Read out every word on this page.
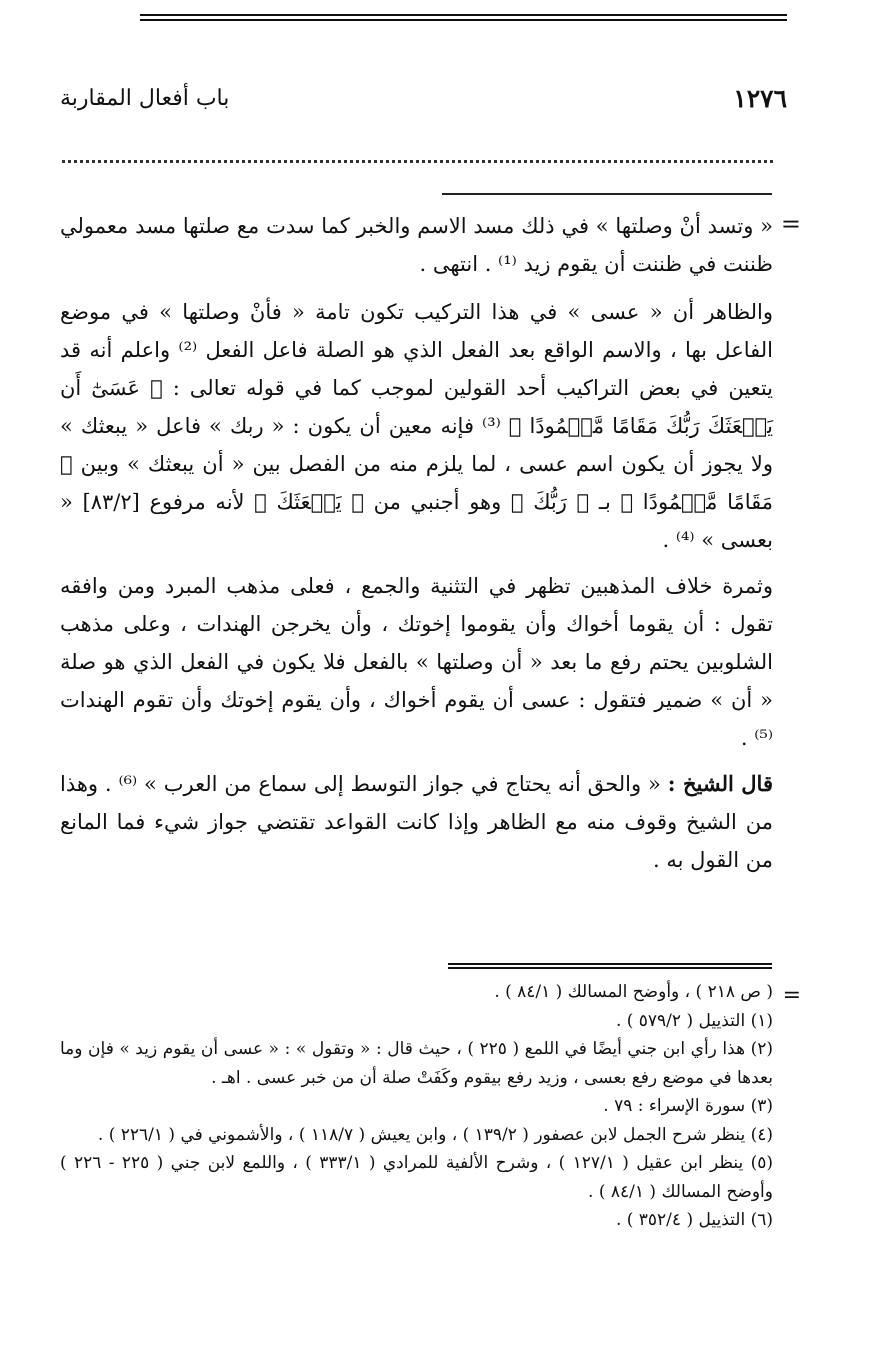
١٢٧٦
باب أفعال المقاربة
=

« وتسد أنْ وصلتها » في ذلك مسد الاسم والخبر كما سدت مع صلتها مسد معمولي ظننت في ظننت أن يقوم زيد ⁽¹⁾ . انتهى .

والظاهر أن « عسى » في هذا التركيب تكون تامة « فأنْ وصلتها » في موضع الفاعل بها ، والاسم الواقع بعد الفعل الذي هو الصلة فاعل الفعل ⁽²⁾ واعلم أنه قد يتعين في بعض التراكيب أحد القولين لموجب كما في قوله تعالى : ﴿ عَسَىٰٓ أَن يَبۡعَثَكَ رَبُّكَ مَقَامًا مَّحۡمُودًا ﴾ ⁽³⁾ فإنه معين أن يكون : « ربك » فاعل « يبعثك » ولا يجوز أن يكون اسم عسى ، لما يلزم منه من الفصل بين « أن يبعثك » وبين ﴿ مَقَامًا مَّحۡمُودًا ﴾ بـ ﴿ رَبُّكَ ﴾ وهو أجنبي من ﴿ يَبۡعَثَكَ ﴾ لأنه مرفوع [٨٣/٢] « بعسى » ⁽⁴⁾ .

وثمرة خلاف المذهبين تظهر في التثنية والجمع ، فعلى مذهب المبرد ومن وافقه تقول : أن يقوما أخواك وأن يقوموا إخوتك ، وأن يخرجن الهندات ، وعلى مذهب الشلوبين يحتم رفع ما بعد « أن وصلتها » بالفعل فلا يكون في الفعل الذي هو صلة « أن » ضمير فتقول : عسى أن يقوم أخواك ، وأن يقوم إخوتك وأن تقوم الهندات ⁽⁵⁾ .

قال الشيخ : « والحق أنه يحتاج في جواز التوسط إلى سماع من العرب » ⁽⁶⁾ . وهذا من الشيخ وقوف منه مع الظاهر وإذا كانت القواعد تقتضي جواز شيء فما المانع من القول به .

=

( ص ٢١٨ ) ، وأوضح المسالك ( ٨٤/١ ) .

(١) التذييل ( ٥٧٩/٢ ) .

(٢) هذا رأي ابن جني أيضًا في اللمع ( ٢٢٥ ) ، حيث قال : « وتقول » : « عسى أن يقوم زيد » فإن وما بعدها في موضع رفع بعسى ، وزيد رفع بيقوم وكَفَتْ صلة أن من خبر عسى . اهـ .

(٣) سورة الإسراء : ٧٩ .

(٤) ينظر شرح الجمل لابن عصفور ( ١٣٩/٢ ) ، وابن يعيش ( ١١٨/٧ ) ، والأشموني في ( ٢٢٦/١ ) .

(٥) ينظر ابن عقيل ( ١٢٧/١ ) ، وشرح الألفية للمرادي ( ٣٣٣/١ ) ، واللمع لابن جني ( ٢٢٥ - ٢٢٦ ) وأوضح المسالك ( ٨٤/١ ) .

(٦) التذييل ( ٣٥٢/٤ ) .
